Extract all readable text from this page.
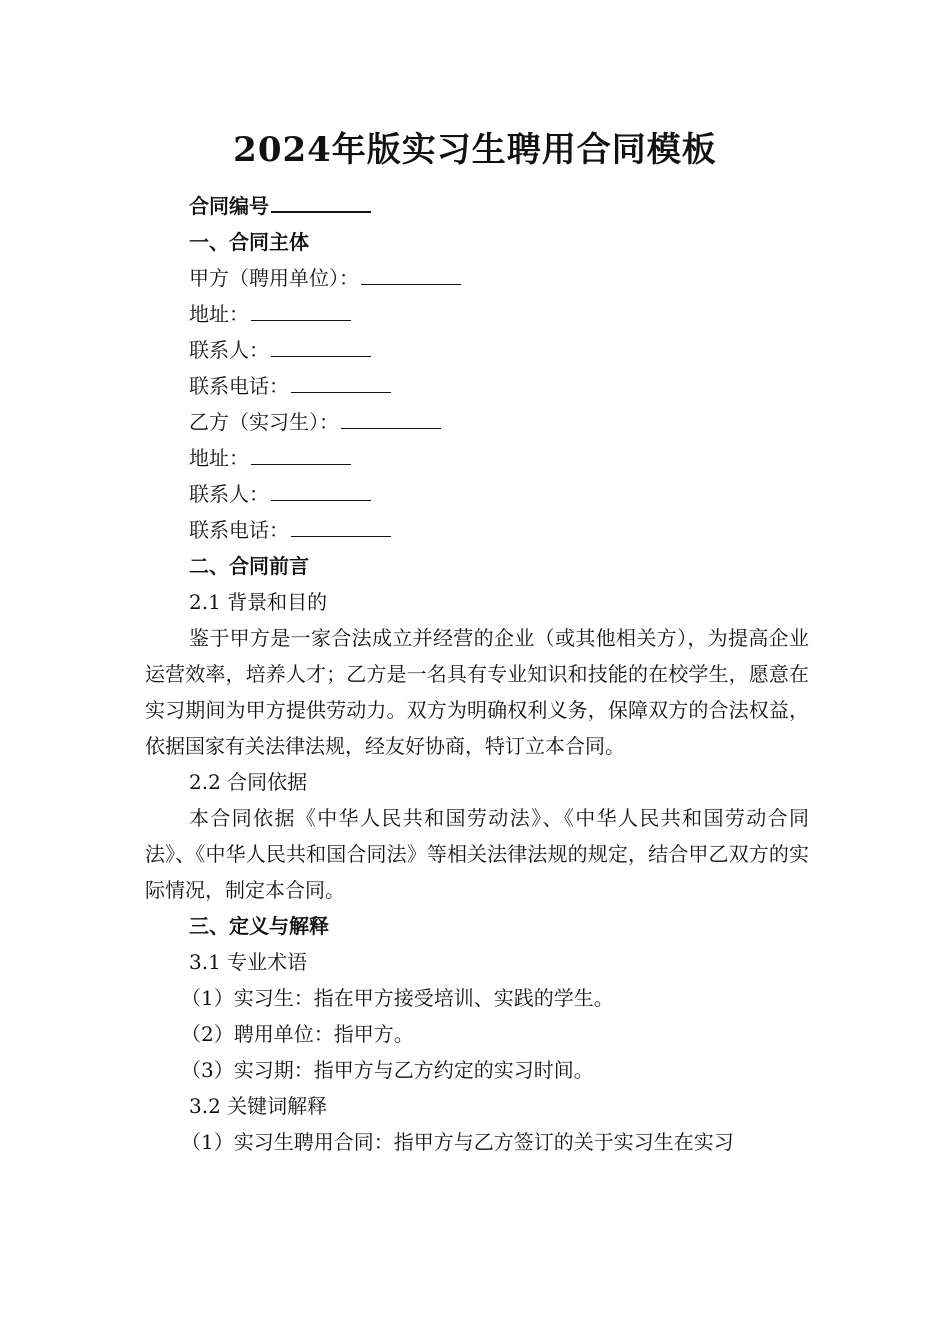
2024年版实习生聘用合同模板
合同编号
一、合同主体
甲方（聘用单位）：
地址：
联系人：
联系电话：
乙方（实习生）：
地址：
联系人：
联系电话：
二、合同前言
2.1 背景和目的
鉴于甲方是一家合法成立并经营的企业（或其他相关方），为提高企业运营效率，培养人才；乙方是一名具有专业知识和技能的在校学生，愿意在实习期间为甲方提供劳动力。双方为明确权利义务，保障双方的合法权益，依据国家有关法律法规，经友好协商，特订立本合同。
2.2 合同依据
本合同依据《中华人民共和国劳动法》、《中华人民共和国劳动合同法》、《中华人民共和国合同法》等相关法律法规的规定，结合甲乙双方的实际情况，制定本合同。
三、定义与解释
3.1 专业术语
（1）实习生：指在甲方接受培训、实践的学生。
（2）聘用单位：指甲方。
（3）实习期：指甲方与乙方约定的实习时间。
3.2 关键词解释
（1）实习生聘用合同：指甲方与乙方签订的关于实习生在实习
